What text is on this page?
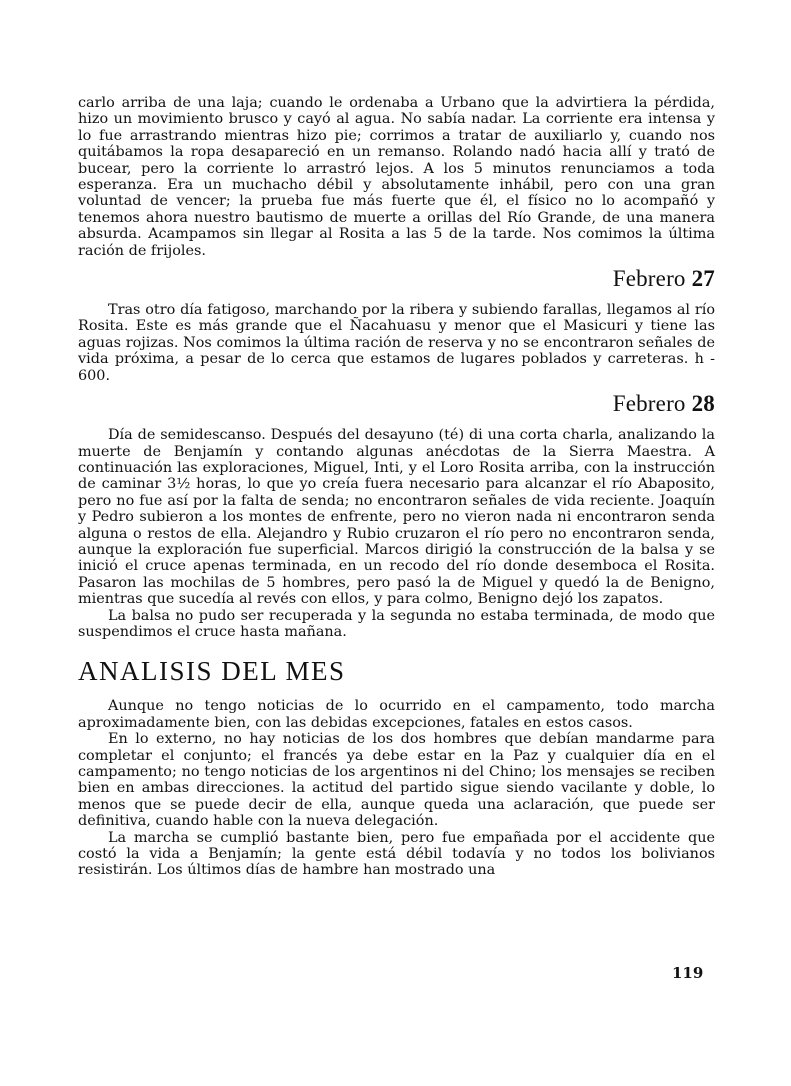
carlo arriba de una laja; cuando le ordenaba a Urbano que la advirtiera la pérdida, hizo un movimiento brusco y cayó al agua. No sabía nadar. La corriente era intensa y lo fue arrastrando mientras hizo pie; corrimos a tratar de auxiliarlo y, cuando nos quitábamos la ropa desapareció en un remanso. Rolando nadó hacia allí y trató de bucear, pero la corriente lo arrastró lejos. A los 5 minutos renunciamos a toda esperanza. Era un muchacho débil y absolutamente inhábil, pero con una gran voluntad de vencer; la prueba fue más fuerte que él, el físico no lo acompañó y tenemos ahora nuestro bautismo de muerte a orillas del Río Grande, de una manera absurda. Acampamos sin llegar al Rosita a las 5 de la tarde. Nos comimos la última ración de frijoles.

Febrero 27

Tras otro día fatigoso, marchando por la ribera y subiendo farallas, llegamos al río Rosita. Este es más grande que el Ñacahuasu y menor que el Masicuri y tiene las aguas rojizas. Nos comimos la última ración de reserva y no se encontraron señales de vida próxima, a pesar de lo cerca que estamos de lugares poblados y carreteras. h - 600.

Febrero 28

Día de semidescanso. Después del desayuno (té) di una corta charla, analizando la muerte de Benjamín y contando algunas anécdotas de la Sierra Maestra. A continuación las exploraciones, Miguel, Inti, y el Loro Rosita arriba, con la instrucción de caminar 3½ horas, lo que yo creía fuera necesario para alcanzar el río Abaposito, pero no fue así por la falta de senda; no encontraron señales de vida reciente. Joaquín y Pedro subieron a los montes de enfrente, pero no vieron nada ni encontraron senda alguna o restos de ella. Alejandro y Rubio cruzaron el río pero no encontraron senda, aunque la exploración fue superficial. Marcos dirigió la construcción de la balsa y se inició el cruce apenas terminada, en un recodo del río donde desemboca el Rosita. Pasaron las mochilas de 5 hombres, pero pasó la de Miguel y quedó la de Benigno, mientras que sucedía al revés con ellos, y para colmo, Benigno dejó los zapatos.

La balsa no pudo ser recuperada y la segunda no estaba terminada, de modo que suspendimos el cruce hasta mañana.

ANALISIS DEL MES

Aunque no tengo noticias de lo ocurrido en el campamento, todo marcha aproximadamente bien, con las debidas excepciones, fatales en estos casos.

En lo externo, no hay noticias de los dos hombres que debían mandarme para completar el conjunto; el francés ya debe estar en la Paz y cualquier día en el campamento; no tengo noticias de los argentinos ni del Chino; los mensajes se reciben bien en ambas direcciones. la actitud del partido sigue siendo vacilante y doble, lo menos que se puede decir de ella, aunque queda una aclaración, que puede ser definitiva, cuando hable con la nueva delegación.

La marcha se cumplió bastante bien, pero fue empañada por el accidente que costó la vida a Benjamín; la gente está débil todavía y no todos los bolivianos resistirán. Los últimos días de hambre han mostrado una

119
